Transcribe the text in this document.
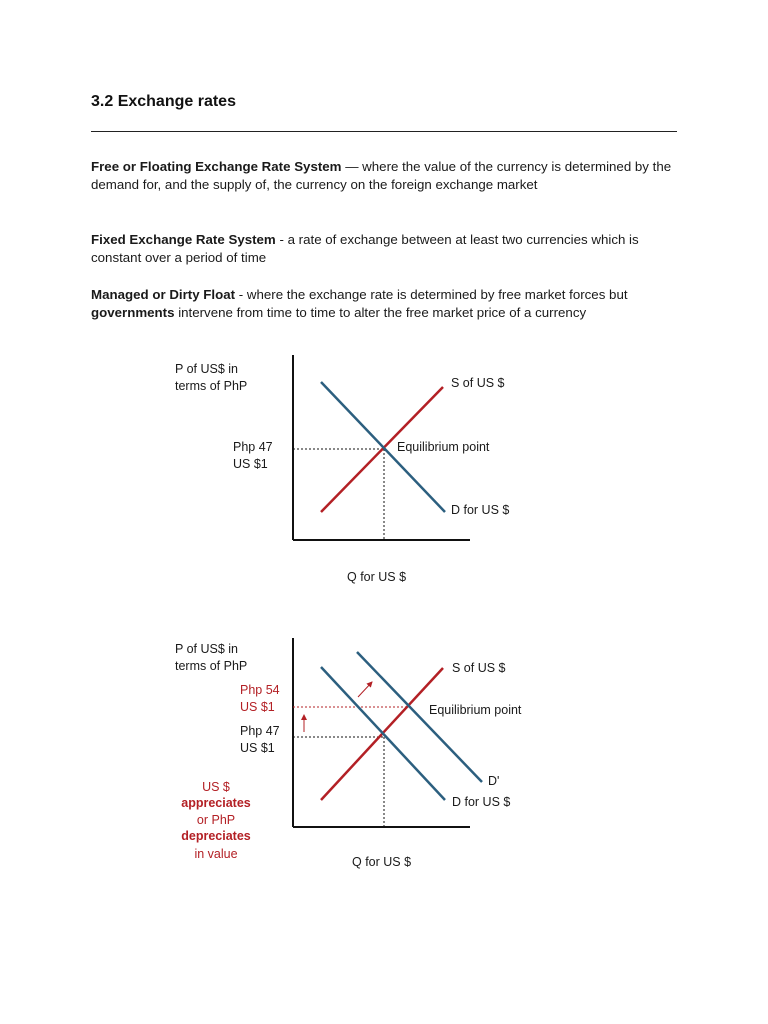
3.2 Exchange rates

Free or Floating Exchange Rate System — where the value of the currency is determined by the demand for, and the supply of, the currency on the foreign exchange market

Fixed Exchange Rate System - a rate of exchange between at least two currencies which is constant over a period of time

Managed or Dirty Float - where the exchange rate is determined by free market forces but governments intervene from time to time to alter the free market price of a currency

P of US$ in
terms of PhP
Php 47
US $1
S of US $
Equilibrium point
D for US $
Q for US $
P of US$ in
terms of PhP
Php 54
US $1
Php 47
US $1
S of US $
Equilibrium point
D'
D for US $
US $
appreciates
or PhP
depreciates
in value
Q for US $
